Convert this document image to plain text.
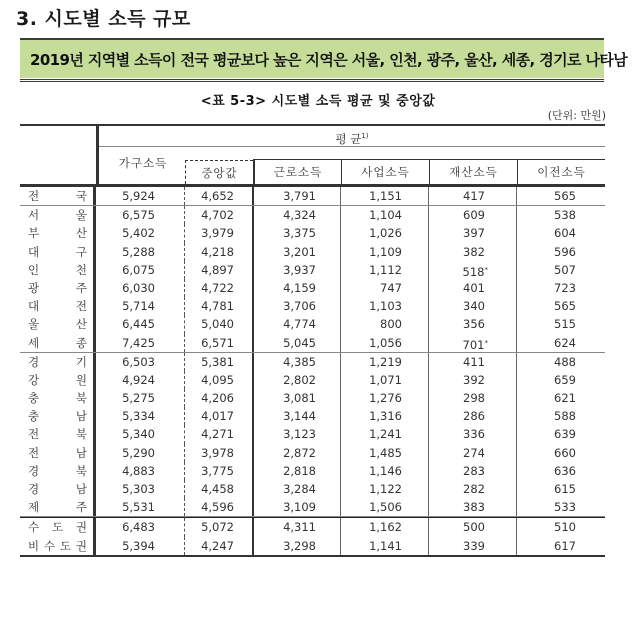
3. 시도별 소득 규모
2019년 지역별 소득이 전국 평균보다 높은 지역은 서울, 인천, 광주, 울산, 세종, 경기로 나타남
<표 5-3> 시도별 소득 평균 및 중앙값
(단위: 만원)
평 균$^{1)}$
가구소득
중앙값	근로소득	사업소득	재산소득	이전소득
전	국	5,924	4,652	3,791	1,151	417	565
서	울	6,575	4,702	4,324	1,104	609	538
부	산	5,402	3,979	3,375	1,026	397	604
대	구	5,288	4,218	3,201	1,109	382	596
인	천	6,075	4,897	3,937	1,112	518*	507
광	주	6,030	4,722	4,159	747	401	723
대	전	5,714	4,781	3,706	1,103	340	565
울	산	6,445	5,040	4,774	800	356	515
세	종	7,425	6,571	5,045	1,056	701*	624
경	기	6,503	5,381	4,385	1,219	411	488
강	원	4,924	4,095	2,802	1,071	392	659
충	북	5,275	4,206	3,081	1,276	298	621
충	남	5,334	4,017	3,144	1,316	286	588
전	북	5,340	4,271	3,123	1,241	336	639
전	남	5,290	3,978	2,872	1,485	274	660
경	북	4,883	3,775	2,818	1,146	283	636
경	남	5,303	4,458	3,284	1,122	282	615
제	주	5,531	4,596	3,109	1,506	383	533
수 도 권	6,483	5,072	4,311	1,162	500	510
비 수 도 권	5,394	4,247	3,298	1,141	339	617
